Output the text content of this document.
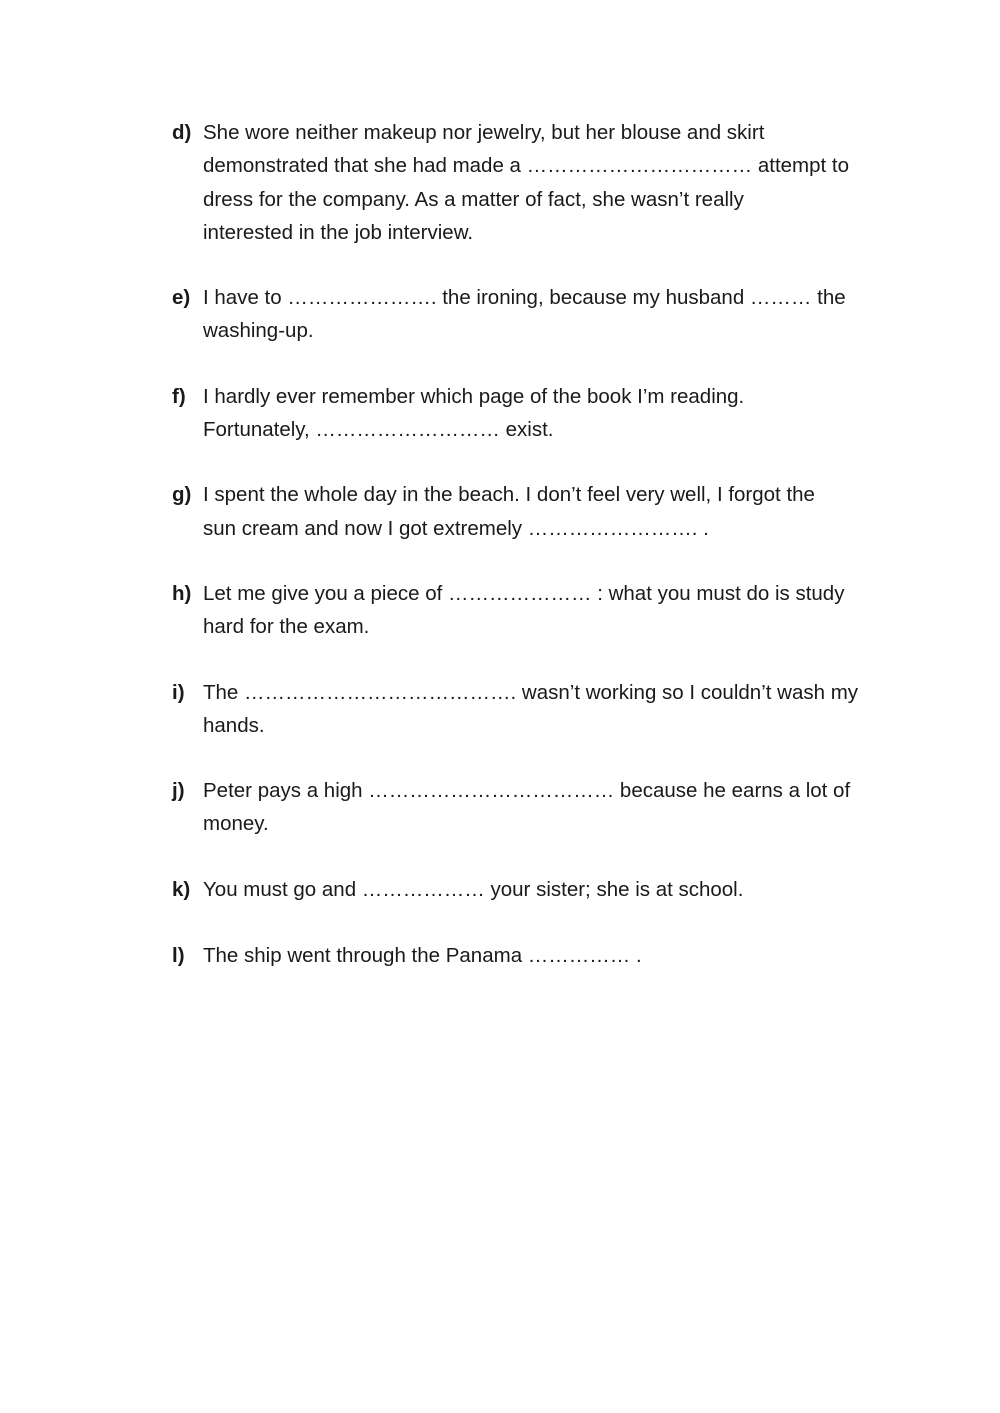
d) She wore neither makeup nor jewelry, but her blouse and skirt
demonstrated that she had made a …………………………… attempt to
dress for the company. As a matter of fact, she wasn’t really
interested in the job interview.
e) I have to …………………. the ironing, because my husband ……… the
washing-up.
f) I hardly ever remember which page of the book I’m reading.
Fortunately, ……………………… exist.
g) I spent the whole day in the beach. I don’t feel very well, I forgot the
sun cream and now I got extremely ……………………. .
h) Let me give you a piece of ………………… : what you must do is study
hard for the exam.
i) The …………………………………. wasn’t working so I couldn’t wash my
hands.
j) Peter pays a high ……………………………… because he earns a lot of
money.
k) You must go and ……………… your sister; she is at school.
l) The ship went through the Panama …………… .
